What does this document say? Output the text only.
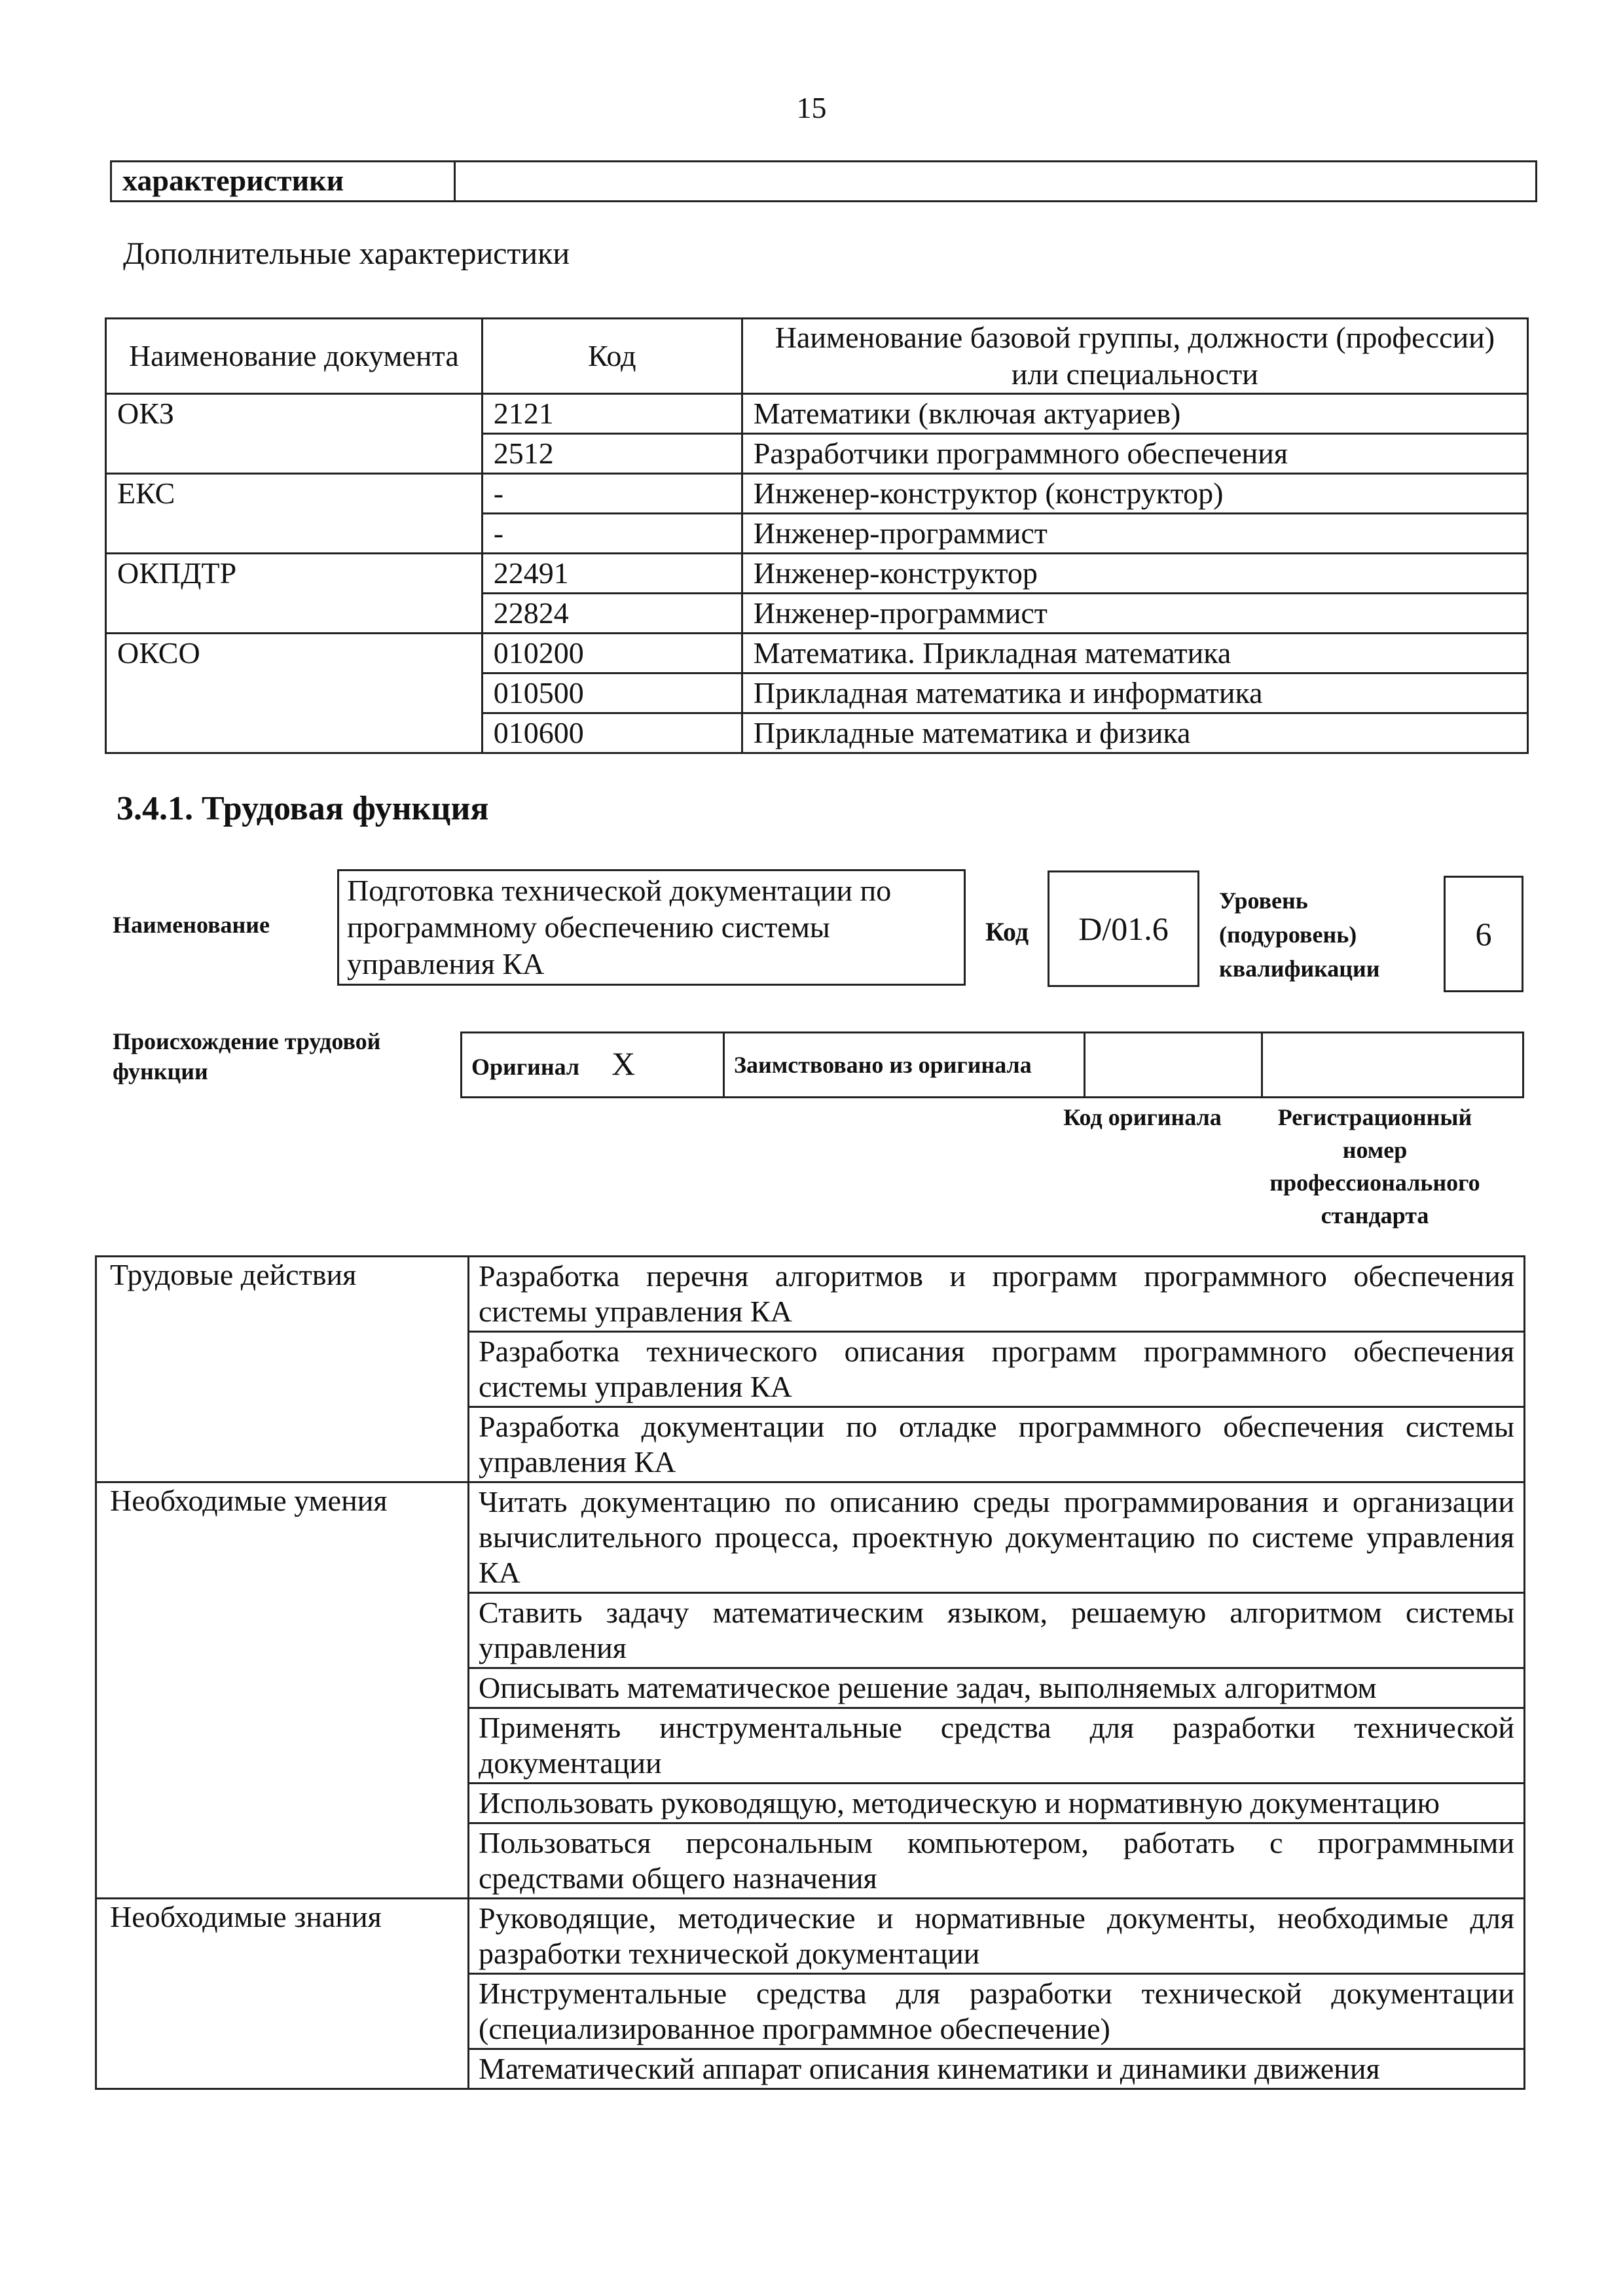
15
характеристики	
Дополнительные характеристики
Наименование документа	Код	Наименование базовой группы, должности (профессии) или специальности
ОКЗ	2121	Математики (включая актуариев)
	2512	Разработчики программного обеспечения
ЕКС	-	Инженер-конструктор (конструктор)
	-	Инженер-программист
ОКПДТР	22491	Инженер-конструктор
	22824	Инженер-программист
ОКСО	010200	Математика. Прикладная математика
	010500	Прикладная математика и информатика
	010600	Прикладные математика и физика
3.4.1. Трудовая функция
Наименование
Подготовка технической документации по программному обеспечению системы управления КА
Код	D/01.6
Уровень (подуровень) квалификации
6
Происхождение трудовой функции	Оригинал X	Заимствовано из оригинала		
Код оригинала	Регистрационный номер профессионального стандарта
Трудовые действия	Разработка перечня алгоритмов и программ программного обеспечения системы управления КА
	Разработка технического описания программ программного обеспечения системы управления КА
	Разработка документации по отладке программного обеспечения системы управления КА
Необходимые умения	Читать документацию по описанию среды программирования и организации вычислительного процесса, проектную документацию по системе управления КА
	Ставить задачу математическим языком, решаемую алгоритмом системы управления
	Описывать математическое решение задач, выполняемых алгоритмом
	Применять инструментальные средства для разработки технической документации
	Использовать руководящую, методическую и нормативную документацию
	Пользоваться персональным компьютером, работать с программными средствами общего назначения
Необходимые знания	Руководящие, методические и нормативные документы, необходимые для разработки технической документации
	Инструментальные средства для разработки технической документации (специализированное программное обеспечение)
	Математический аппарат описания кинематики и динамики движения
